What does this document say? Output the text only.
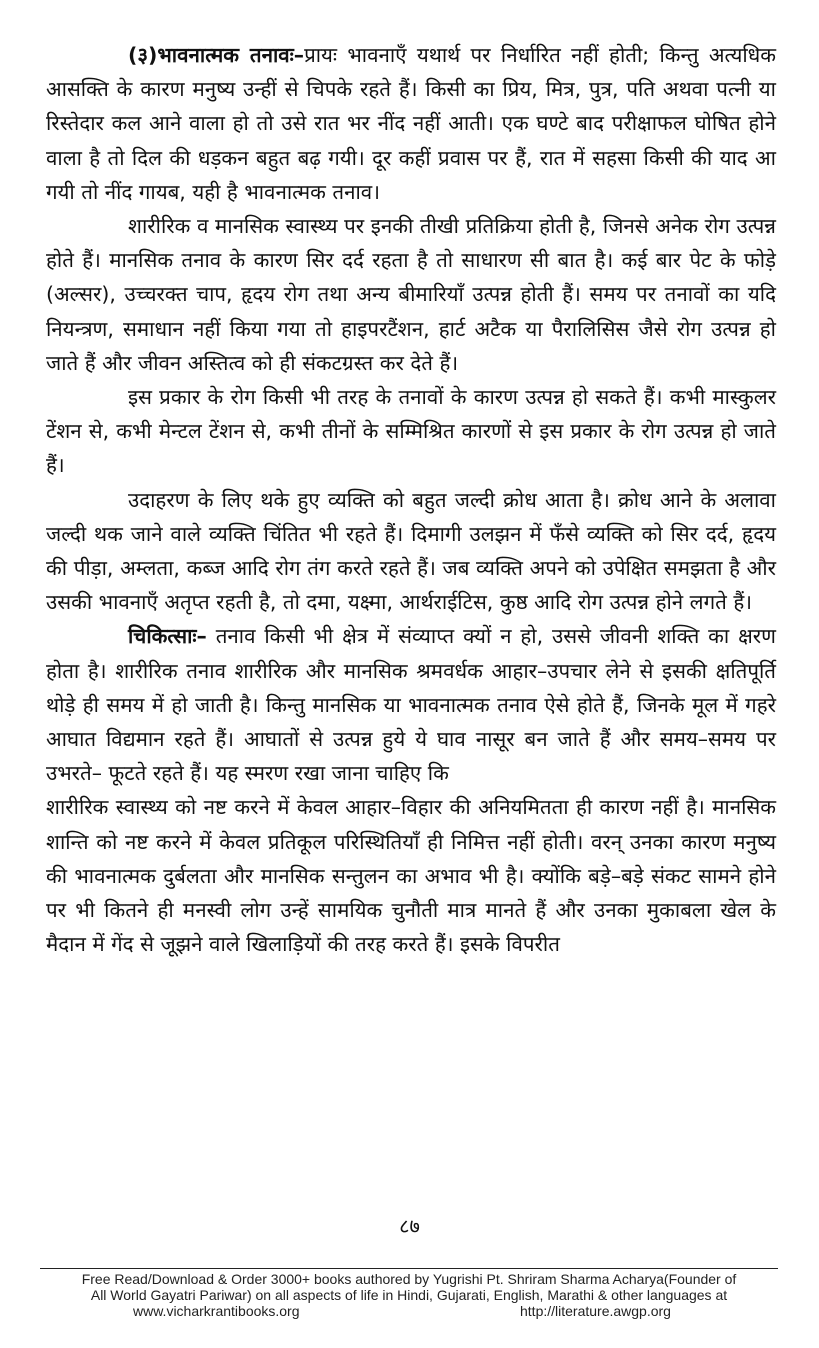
(३)भावनात्मक तनावः–प्रायः भावनाएँ यथार्थ पर निर्धारित नहीं होती; किन्तु अत्यधिक आसक्ति के कारण मनुष्य उन्हीं से चिपके रहते हैं। किसी का प्रिय, मित्र, पुत्र, पति अथवा पत्नी या रिस्तेदार कल आने वाला हो तो उसे रात भर नींद नहीं आती। एक घण्टे बाद परीक्षाफल घोषित होने वाला है तो दिल की धड़कन बहुत बढ़ गयी। दूर कहीं प्रवास पर हैं, रात में सहसा किसी की याद आ गयी तो नींद गायब, यही है भावनात्मक तनाव।

शारीरिक व मानसिक स्वास्थ्य पर इनकी तीखी प्रतिक्रिया होती है, जिनसे अनेक रोग उत्पन्न होते हैं। मानसिक तनाव के कारण सिर दर्द रहता है तो साधारण सी बात है। कई बार पेट के फोड़े (अल्सर), उच्चरक्त चाप, हृदय रोग तथा अन्य बीमारियाँ उत्पन्न होती हैं। समय पर तनावों का यदि नियन्त्रण, समाधान नहीं किया गया तो हाइपरटैंशन, हार्ट अटैक या पैरालिसिस जैसे रोग उत्पन्न हो जाते हैं और जीवन अस्तित्व को ही संकटग्रस्त कर देते हैं।

इस प्रकार के रोग किसी भी तरह के तनावों के कारण उत्पन्न हो सकते हैं। कभी मास्कुलर टेंशन से, कभी मेन्टल टेंशन से, कभी तीनों के सम्मिश्रित कारणों से इस प्रकार के रोग उत्पन्न हो जाते हैं।

उदाहरण के लिए थके हुए व्यक्ति को बहुत जल्दी क्रोध आता है। क्रोध आने के अलावा जल्दी थक जाने वाले व्यक्ति चिंतित भी रहते हैं। दिमागी उलझन में फँसे व्यक्ति को सिर दर्द, हृदय की पीड़ा, अम्लता, कब्ज आदि रोग तंग करते रहते हैं। जब व्यक्ति अपने को उपेक्षित समझता है और उसकी भावनाएँ अतृप्त रहती है, तो दमा, यक्ष्मा, आर्थराईटिस, कुष्ठ आदि रोग उत्पन्न होने लगते हैं।

चिकित्साः– तनाव किसी भी क्षेत्र में संव्याप्त क्यों न हो, उससे जीवनी शक्ति का क्षरण होता है। शारीरिक तनाव शारीरिक और मानसिक श्रमवर्धक आहार–उपचार लेने से इसकी क्षतिपूर्ति थोड़े ही समय में हो जाती है। किन्तु मानसिक या भावनात्मक तनाव ऐसे होते हैं, जिनके मूल में गहरे आघात विद्यमान रहते हैं। आघातों से उत्पन्न हुये ये घाव नासूर बन जाते हैं और समय–समय पर उभरते– फूटते रहते हैं। यह स्मरण रखा जाना चाहिए कि

शारीरिक स्वास्थ्य को नष्ट करने में केवल आहार–विहार की अनियमितता ही कारण नहीं है। मानसिक शान्ति को नष्ट करने में केवल प्रतिकूल परिस्थितियाँ ही निमित्त नहीं होती। वरन् उनका कारण मनुष्य की भावनात्मक दुर्बलता और मानसिक सन्तुलन का अभाव भी है। क्योंकि बड़े–बड़े संकट सामने होने पर भी कितने ही मनस्वी लोग उन्हें सामयिक चुनौती मात्र मानते हैं और उनका मुकाबला खेल के मैदान में गेंद से जूझने वाले खिलाड़ियों की तरह करते हैं। इसके विपरीत

८७
Free Read/Download & Order 3000+ books authored by Yugrishi Pt. Shriram Sharma Acharya(Founder of
All World Gayatri Pariwar) on all aspects of life in Hindi, Gujarati, English, Marathi & other languages at
www.vicharkrantibooks.org	http://literature.awgp.org
